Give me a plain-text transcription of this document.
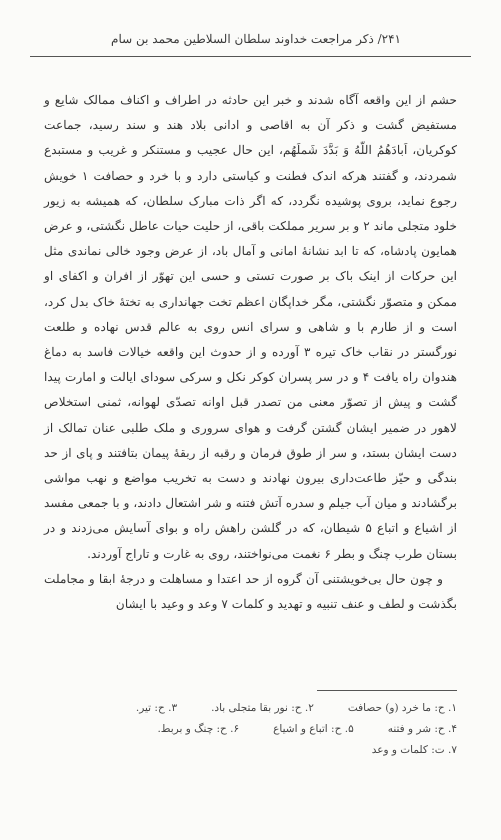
۲۴۱/ ذکر مراجعت خداوند سلطان السلاطین محمد بن سام

حشم از این واقعه آگاه شدند و خبر این حادثه در اطراف و اکناف ممالک شایع و مستفیض گشت و ذکر آن به اقاصی و ادانی بلاد هند و سند رسید، جماعت کوکریان، اَبادَهُمُ اللّهُ وَ بَدَّدَ شَملَهُم، این حال عجیب و مستنکر و غریب و مستبدع شمردند، و گفتند هرکه اندک فطنت و کیاستی دارد و با خرد و حصافت ۱ خویش رجوع نماید، بروی پوشیده نگردد، که اگر ذات مبارک سلطان، که همیشه به زیور خلود متجلی ماند ۲ و بر سریر مملکت باقی، از حلیت حیات عاطل نگشتی، و عرض همایون پادشاه، که تا ابد نشانهٔ امانی و آمال باد، از عرض وجود خالی نماندی مثل این حرکات از اینک باک بر صورت تستی و حسی این تهوّر از افران و اکفای او ممکن و متصوّر نگشتی، مگر خداپگان اعظم تخت جهانداری به تختهٔ خاک بدل کرد، است و از طارم با و شاهی و سرای انس روی به عالم قدس نهاده و طلعت نورگستر در نقاب خاک تیره ۳ آورده و از حدوث این واقعه خیالات فاسد به دماغ هندوان راه یافت ۴ و در سر پسران کوکر نکل و سرکی سودای ایالت و امارت پیدا گشت و پیش از تصوّر معنی من تصدر قبل اوانه تصدّی لهوانه، ثمنی استخلاص لاهور در ضمیر ایشان گشتن گرفت و هوای سروری و ملک طلبی عنان تمالک از دست ایشان بستد، و سر از طوق فرمان و رقبه از ربقهٔ پیمان بتافتند و پای از حد بندگی و حیّز طاعت‌داری بیرون نهادند و دست به تخریب مواضع و نهب مواشی برگشادند و میان آب جیلم و سدره آتش فتنه و شر اشتعال دادند، و با جمعی مفسد از اشیاع و اتباع ۵ شیطان، که در گلشن راهش راه و بوای آسایش می‌زدند و در بستان طرب چنگ و بطر ۶ نغمت می‌نواختند، روی به غارت و تاراج آوردند.

و چون حال بی‌خویشتنی آن گروه از حد اعتدا و مساهلت و درجهٔ ابقا و مجاملت بگذشت و لطف و عنف تنبیه و تهدید و کلمات ۷ وعد و وعید با ایشان

۱. ح: ما خرد (و) حصافت
۲. ح: نور بقا متجلی باد.
۳. ح: تیر.
۴. ح: شر و فتنه
۵. ح: اتباع و اشیاع
۶. ح: چنگ و بربط.
۷. ت: کلمات و وعد
